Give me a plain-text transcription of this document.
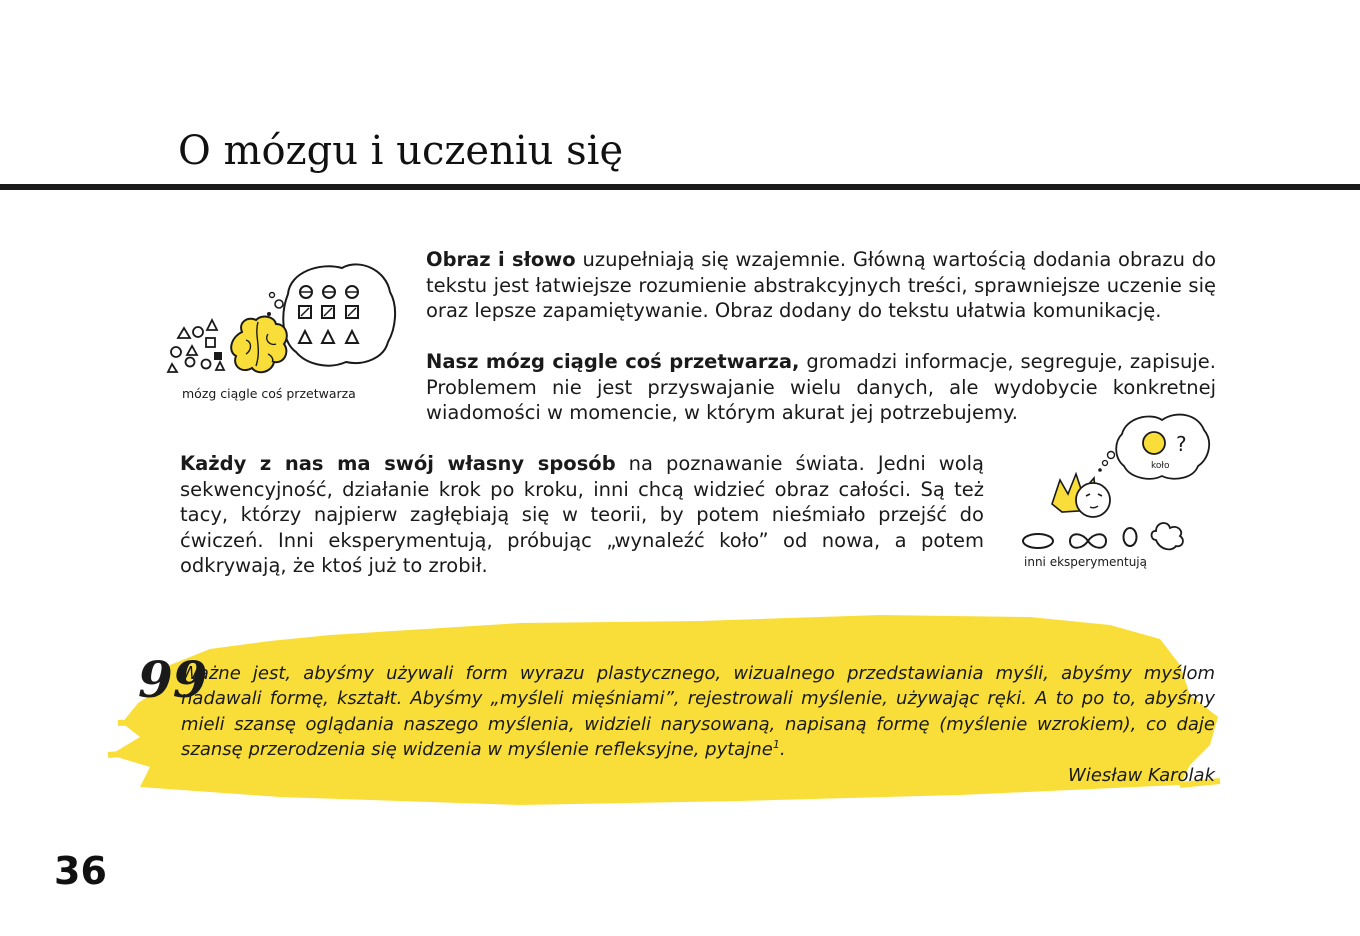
O mózgu i uczeniu się

Obraz i słowo uzupełniają się wzajemnie. Główną wartością dodania obrazu do tekstu jest łatwiejsze rozumienie abstrakcyjnych treści, sprawniejsze uczenie się oraz lepsze zapamiętywanie. Obraz dodany do tekstu ułatwia komunikację.

Nasz mózg ciągle coś przetwarza, gromadzi informacje, segreguje, zapisuje. Problemem nie jest przyswajanie wielu danych, ale wydobycie konkretnej wiadomości w momencie, w którym akurat jej potrzebujemy.

Każdy z nas ma swój własny sposób na poznawanie świata. Jedni wolą sekwencyjność, działanie krok po kroku, inni chcą widzieć obraz całości. Są też tacy, którzy najpierw zagłębiają się w teorii, by potem nieśmiało przejść do ćwiczeń. Inni eksperymentują, próbując „wynaleźć koło” od nowa, a potem odkrywają, że ktoś już to zrobił.

mózg ciągle coś przetwarza
?
koło
inni eksperymentują
99

Ważne jest, abyśmy używali form wyrazu plastycznego, wizualnego przedstawiania myśli, abyśmy myślom nadawali formę, kształt. Abyśmy „myśleli mięśniami”, rejestrowali myślenie, używając ręki. A to po to, abyśmy mieli szansę oglądania naszego myślenia, widzieli narysowaną, napisaną formę (myślenie wzrokiem), co daje szansę przerodzenia się widzenia w myślenie refleksyjne, pytajne$^1$.

Wiesław Karolak

36
